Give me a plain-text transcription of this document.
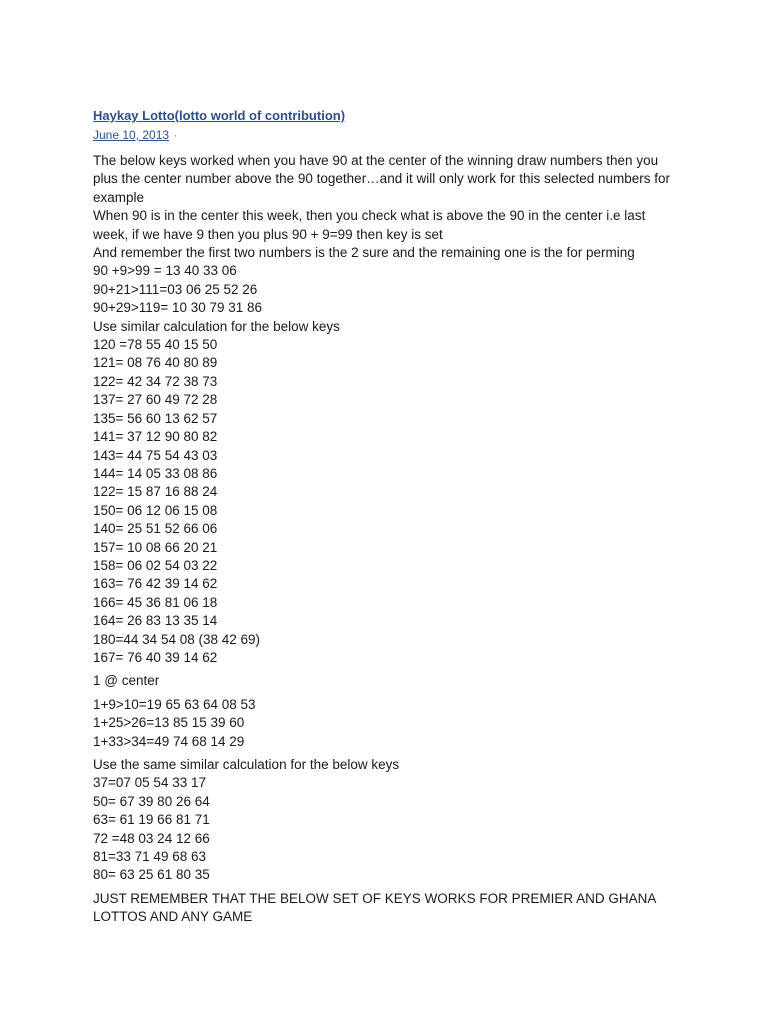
Haykay Lotto(lotto world of contribution)
June 10, 2013 ·
The below keys worked when you have 90 at the center of the winning draw numbers then you
plus the center number above the 90 together…and it will only work for this selected numbers for
example
When 90 is in the center this week, then you check what is above the 90 in the center i.e last
week, if we have 9 then you plus 90 + 9=99 then key is set
And remember the first two numbers is the 2 sure and the remaining one is the for perming
90 +9>99 = 13 40 33 06
90+21>111=03 06 25 52 26
90+29>119= 10 30 79 31 86
Use similar calculation for the below keys
120 =78 55 40 15 50
121= 08 76 40 80 89
122= 42 34 72 38 73
137= 27 60 49 72 28
135= 56 60 13 62 57
141= 37 12 90 80 82
143= 44 75 54 43 03
144= 14 05 33 08 86
122= 15 87 16 88 24
150= 06 12 06 15 08
140= 25 51 52 66 06
157= 10 08 66 20 21
158= 06 02 54 03 22
163= 76 42 39 14 62
166= 45 36 81 06 18
164= 26 83 13 35 14
180=44 34 54 08 (38 42 69)
167= 76 40 39 14 62
1 @ center
1+9>10=19 65 63 64 08 53
1+25>26=13 85 15 39 60
1+33>34=49 74 68 14 29
Use the same similar calculation for the below keys
37=07 05 54 33 17
50= 67 39 80 26 64
63= 61 19 66 81 71
72 =48 03 24 12 66
81=33 71 49 68 63
80= 63 25 61 80 35
JUST REMEMBER THAT THE BELOW SET OF KEYS WORKS FOR PREMIER AND GHANA
LOTTOS AND ANY GAME
